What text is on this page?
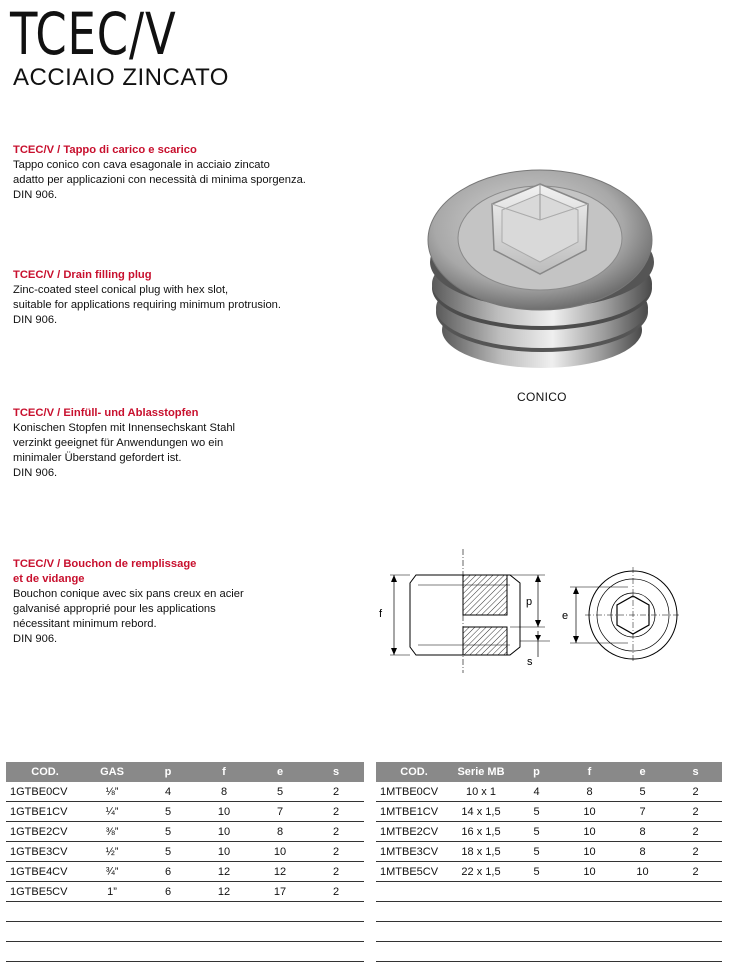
TCEC/V
ACCIAIO ZINCATO
TCEC/V / Tappo di carico e scarico
Tappo conico con cava esagonale in acciaio zincato
adatto per applicazioni con necessità di minima sporgenza.
DIN 906.
TCEC/V / Drain filling plug
Zinc-coated steel conical plug with hex slot,
suitable for applications requiring minimum protrusion.
DIN 906.
TCEC/V / Einfüll- und Ablasstopfen
Konischen Stopfen mit Innensechskant Stahl
verzinkt geeignet für Anwendungen wo ein
minimaler Überstand gefordert ist.
DIN 906.
TCEC/V / Bouchon de remplissage
et de vidange
Bouchon conique avec six pans creux en acier
galvanisé approprié pour les applications
nécessitant minimum rebord.
DIN 906.
CONICO
f
p
s
e
COD.	GAS	p	f	e	s
1GTBE0CV	⅛”	4	8	5	2
1GTBE1CV	¼”	5	10	7	2
1GTBE2CV	⅜”	5	10	8	2
1GTBE3CV	½”	5	10	10	2
1GTBE4CV	¾”	6	12	12	2
1GTBE5CV	1”	6	12	17	2

COD.	Serie MB	p	f	e	s
1MTBE0CV	10 x 1	4	8	5	2
1MTBE1CV	14 x 1,5	5	10	7	2
1MTBE2CV	16 x 1,5	5	10	8	2
1MTBE3CV	18 x 1,5	5	10	8	2
1MTBE5CV	22 x 1,5	5	10	10	2
